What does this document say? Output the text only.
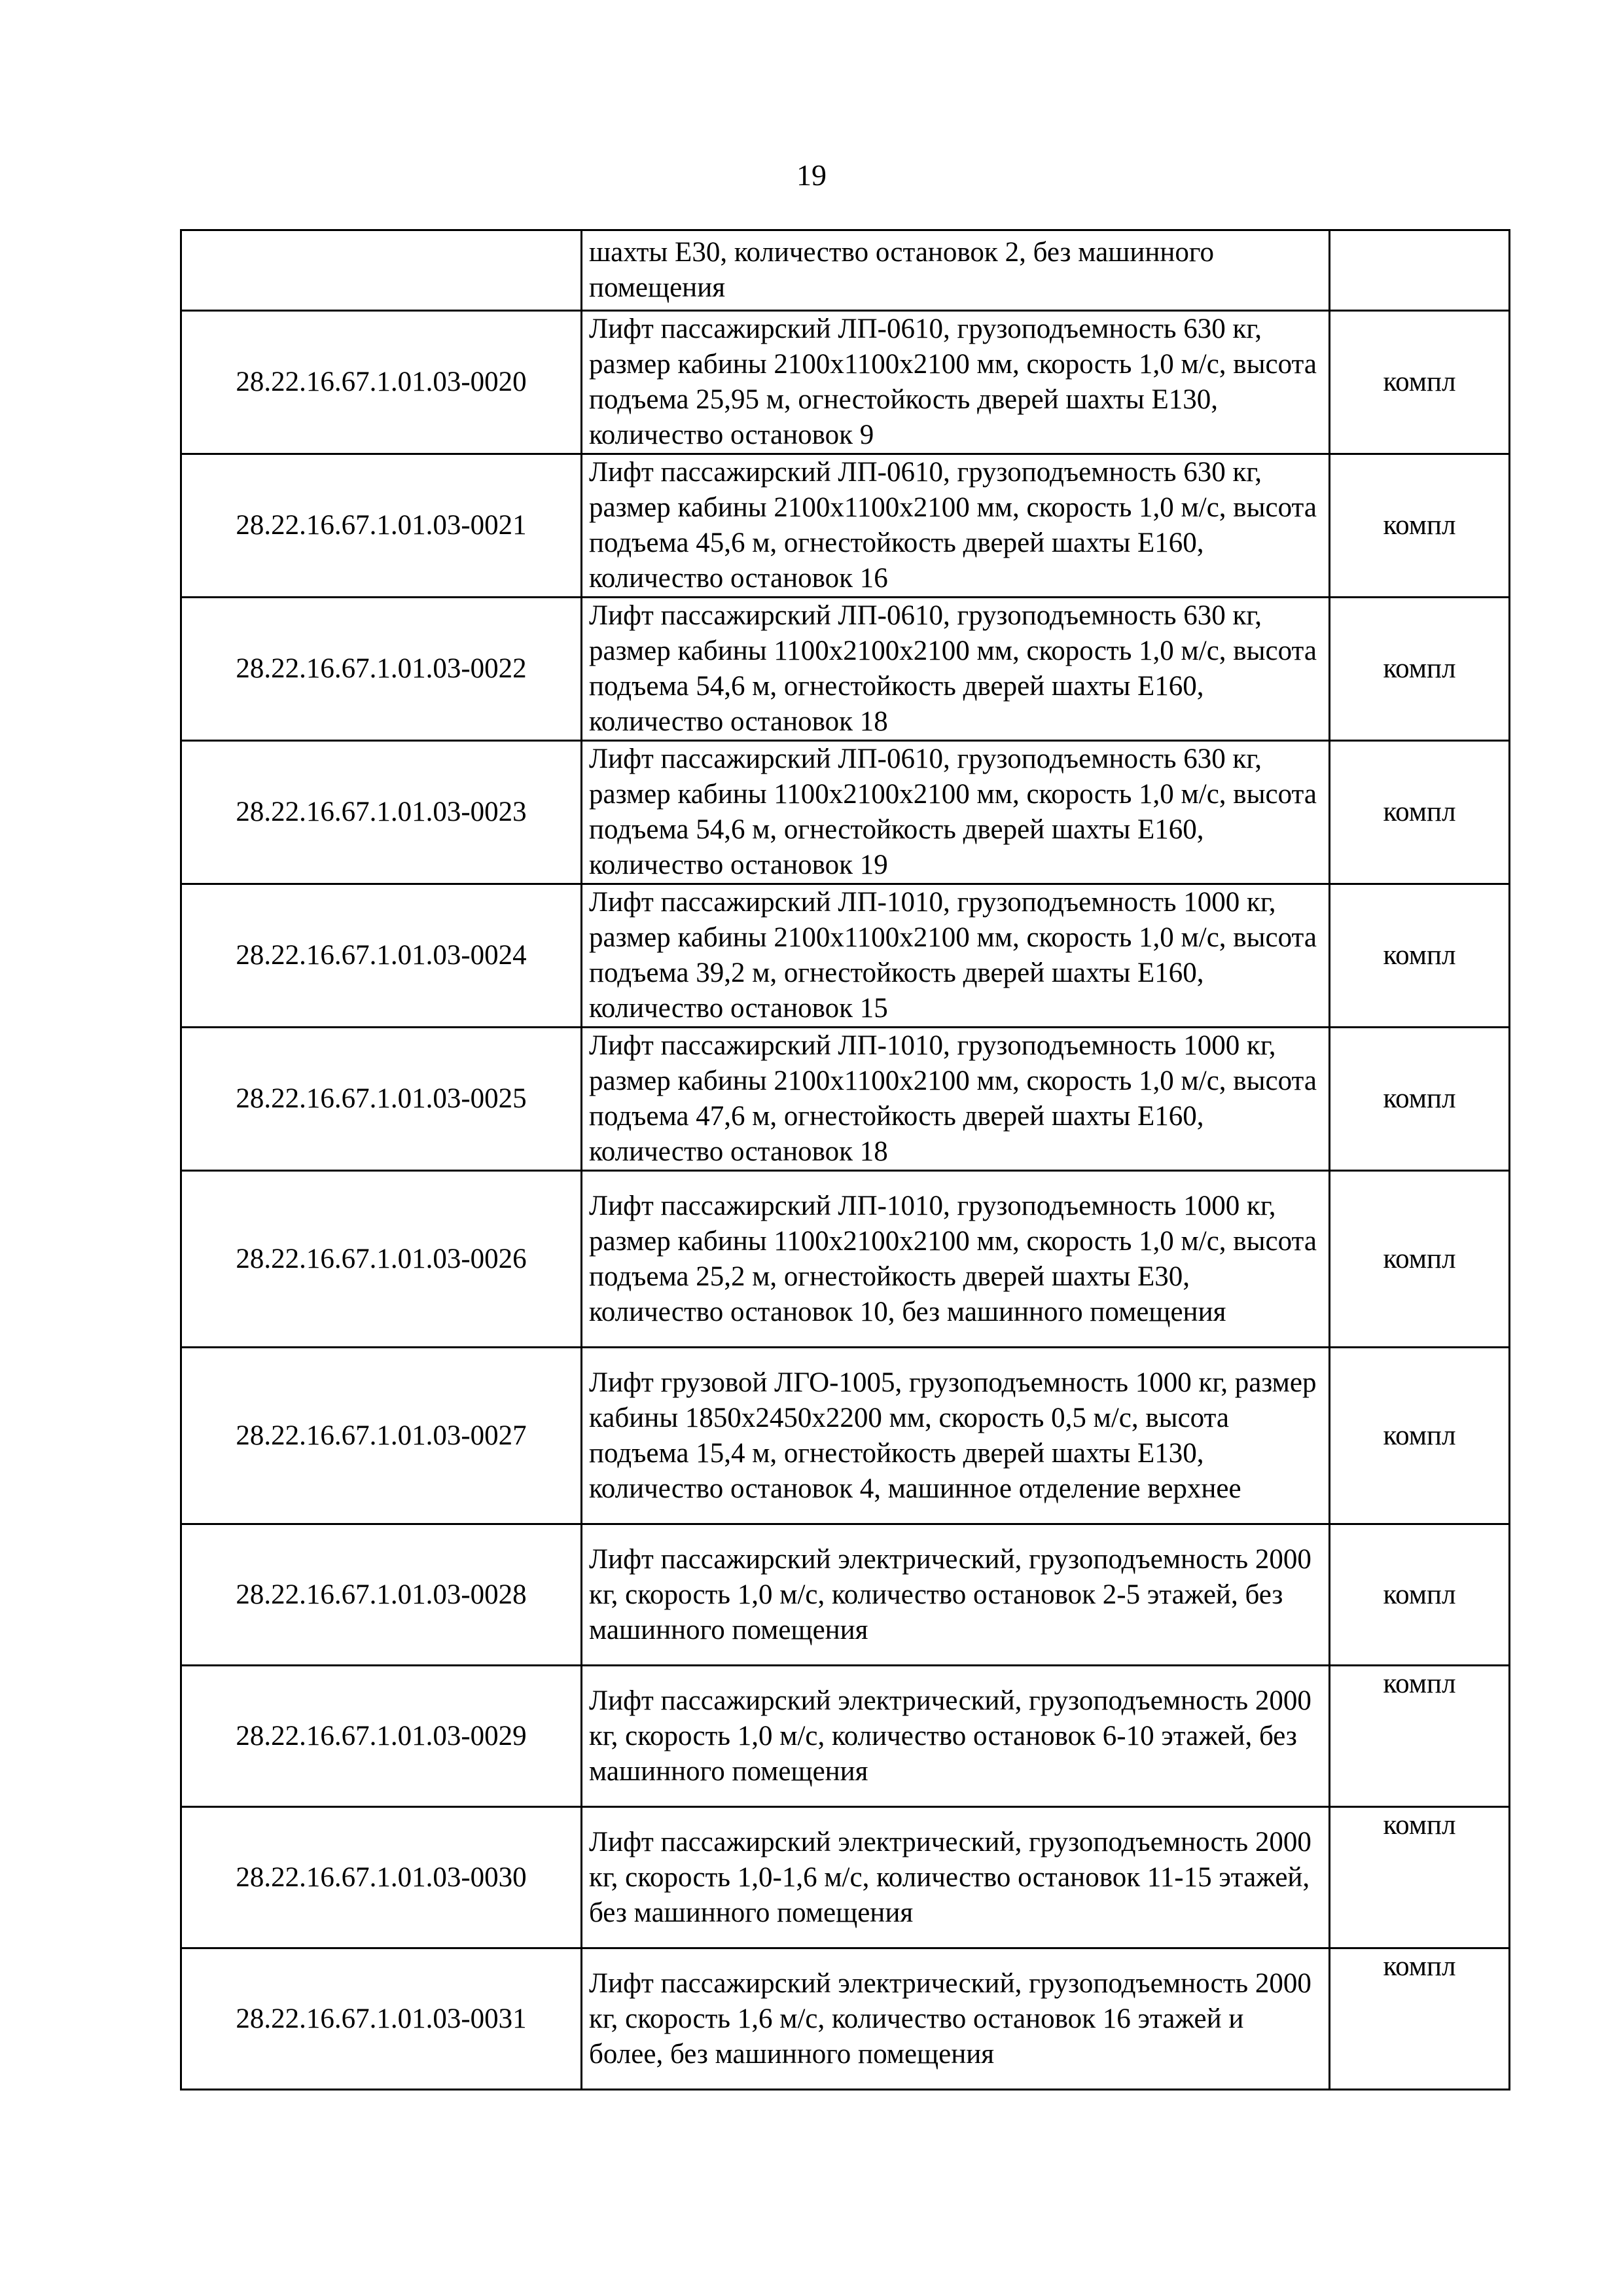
19
	шахты Е30, количество остановок 2, без машинного помещения	
28.22.16.67.1.01.03-0020	Лифт пассажирский ЛП-0610, грузоподъемность 630 кг, размер кабины 2100х1100х2100 мм, скорость 1,0 м/с, высота подъема 25,95 м, огнестойкость дверей шахты Е130, количество остановок 9	компл
28.22.16.67.1.01.03-0021	Лифт пассажирский ЛП-0610, грузоподъемность 630 кг, размер кабины 2100х1100х2100 мм, скорость 1,0 м/с, высота подъема 45,6 м, огнестойкость дверей шахты Е160, количество остановок 16	компл
28.22.16.67.1.01.03-0022	Лифт пассажирский ЛП-0610, грузоподъемность 630 кг, размер кабины 1100х2100х2100 мм, скорость 1,0 м/с, высота подъема 54,6 м, огнестойкость дверей шахты Е160, количество остановок 18	компл
28.22.16.67.1.01.03-0023	Лифт пассажирский ЛП-0610, грузоподъемность 630 кг, размер кабины 1100х2100х2100 мм, скорость 1,0 м/с, высота подъема 54,6 м, огнестойкость дверей шахты Е160, количество остановок 19	компл
28.22.16.67.1.01.03-0024	Лифт пассажирский ЛП-1010, грузоподъемность 1000 кг, размер кабины 2100х1100х2100 мм, скорость 1,0 м/с, высота подъема 39,2 м, огнестойкость дверей шахты Е160, количество остановок 15	компл
28.22.16.67.1.01.03-0025	Лифт пассажирский ЛП-1010, грузоподъемность 1000 кг, размер кабины 2100х1100х2100 мм, скорость 1,0 м/с, высота подъема 47,6 м, огнестойкость дверей шахты Е160, количество остановок 18	компл
28.22.16.67.1.01.03-0026	Лифт пассажирский ЛП-1010, грузоподъемность 1000 кг, размер кабины 1100х2100х2100 мм, скорость 1,0 м/с, высота подъема 25,2 м, огнестойкость дверей шахты Е30, количество остановок 10, без машинного помещения	компл
28.22.16.67.1.01.03-0027	Лифт грузовой ЛГО-1005, грузоподъемность 1000 кг, размер кабины 1850х2450х2200 мм, скорость 0,5 м/с, высота подъема 15,4 м, огнестойкость дверей шахты Е130, количество остановок 4, машинное отделение верхнее	компл
28.22.16.67.1.01.03-0028	Лифт пассажирский электрический, грузоподъемность 2000 кг, скорость 1,0 м/с, количество остановок 2-5 этажей, без машинного помещения	компл
28.22.16.67.1.01.03-0029	Лифт пассажирский электрический, грузоподъемность 2000 кг, скорость 1,0 м/с, количество остановок 6-10 этажей, без машинного помещения	компл
28.22.16.67.1.01.03-0030	Лифт пассажирский электрический, грузоподъемность 2000 кг, скорость 1,0-1,6 м/с, количество остановок 11-15 этажей, без машинного помещения	компл
28.22.16.67.1.01.03-0031	Лифт пассажирский электрический, грузоподъемность 2000 кг, скорость 1,6 м/с, количество остановок 16 этажей и более, без машинного помещения	компл
